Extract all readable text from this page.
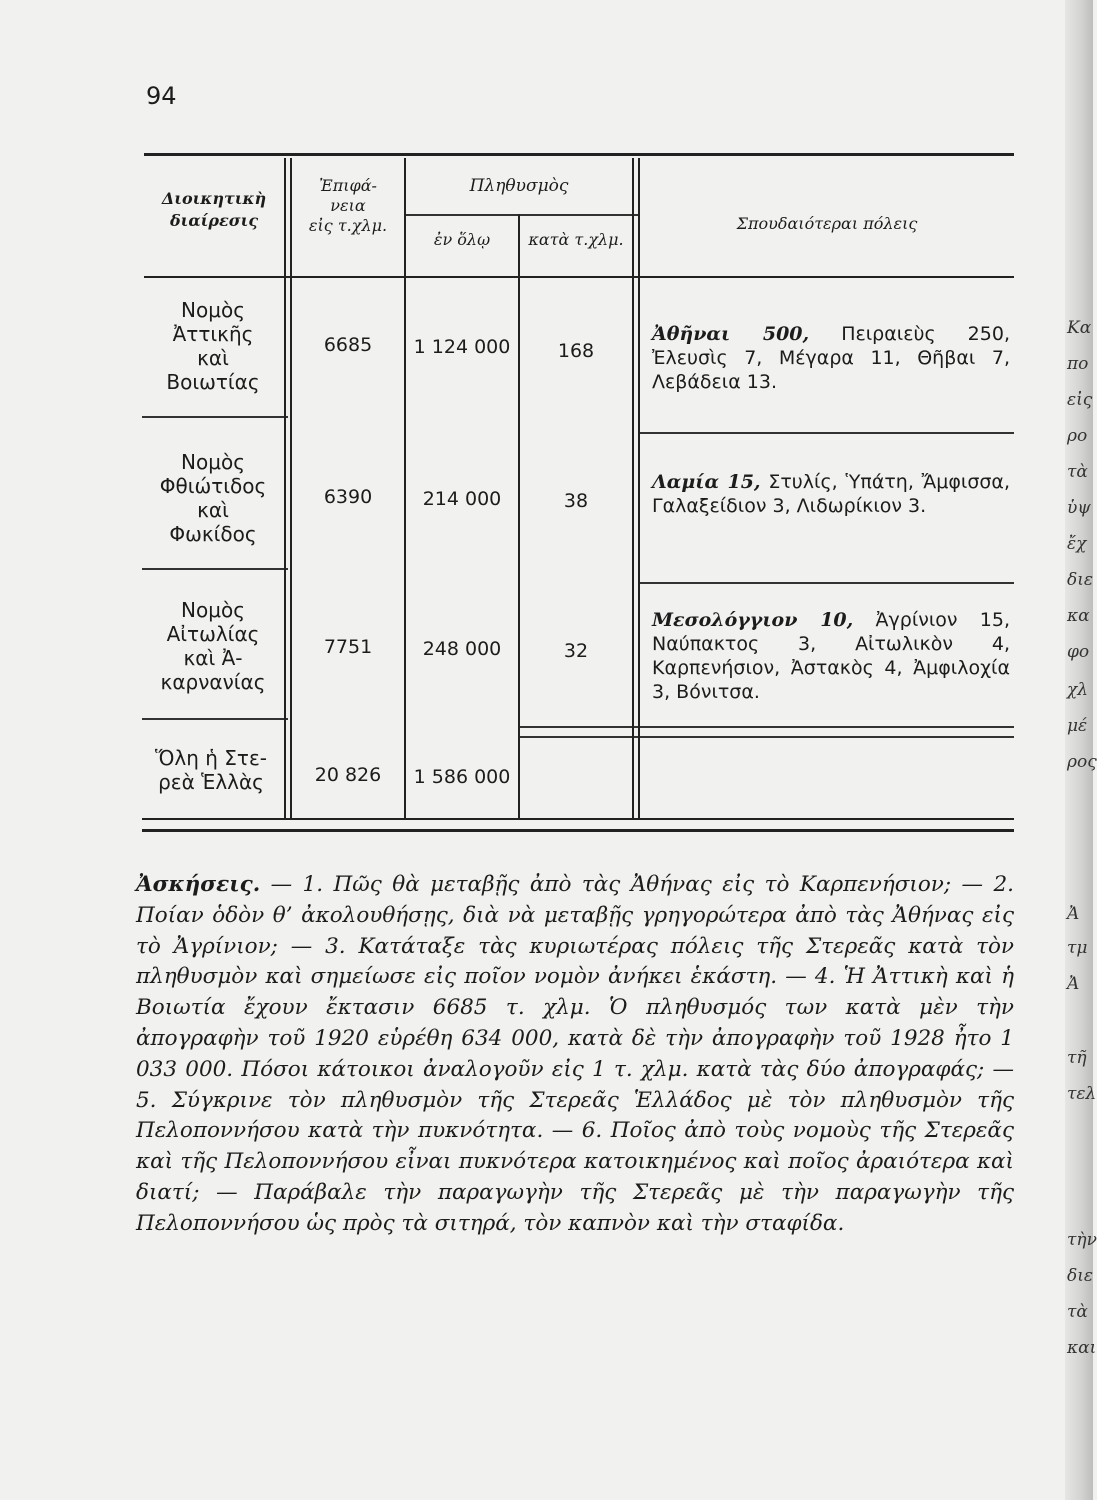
Κα
πο
εἰς
ρο
τὰ
ὑψ
ἔχ
διε
κα
φο
χλ
μέ
ρος
Ἀ
τμ
Ἀ
τῆ
τελ
τὴν
διε
τὰ
και
94
Διοικητικὴ
διαίρεσις
Ἐπιφά-
νεια
εἰς τ.χλμ.
Πληθυσμὸς
ἐν ὅλῳ	κατὰ τ.χλμ.
Σπουδαιότεραι πόλεις
Νομὸς
Ἀττικῆς
καὶ
Βοιωτίας
6685	1 124 000	168
Ἀθῆναι 500, Πειραιεὺς 250, Ἐλευσὶς 7, Μέγαρα 11, Θῆβαι 7, Λεβάδεια 13.
Νομὸς
Φθιώτιδος
καὶ
Φωκίδος
6390	214 000	38
Λαμία 15, Στυλίς, Ὑπάτη, Ἄμφισσα, Γαλαξείδιον 3, Λιδωρίκιον 3.
Νομὸς
Αἰτωλίας
καὶ Ἀ-
καρνανίας
7751	248 000	32
Μεσολόγγιον 10, Ἀγρίνιον 15, Ναύπακτος 3, Αἰτωλικὸν 4, Καρπενήσιον, Ἀστακὸς 4, Ἀμφιλοχία 3, Βόνιτσα.
Ὅλη ἡ Στε-
ρεὰ Ἑλλὰς	20 826	1 586 000
Ἀσκήσεις. — 1. Πῶς θὰ μεταβῇς ἀπὸ τὰς Ἀθήνας εἰς τὸ Καρπενήσιον; — 2. Ποίαν ὁδὸν θ’ ἀκολουθήσῃς, διὰ νὰ μεταβῇς γρηγορώτερα ἀπὸ τὰς Ἀθήνας εἰς τὸ Ἀγρίνιον; — 3. Κατάταξε τὰς κυριωτέρας πόλεις τῆς Στερεᾶς κατὰ τὸν πληθυσμὸν καὶ σημείωσε εἰς ποῖον νομὸν ἀνήκει ἑκάστη. — 4. Ἡ Ἀττικὴ καὶ ἡ Βοιωτία ἔχουν ἔκτασιν 6685 τ. χλμ. Ὁ πληθυσμός των κατὰ μὲν τὴν ἀπογραφὴν τοῦ 1920 εὑρέθη 634 000, κατὰ δὲ τὴν ἀπογραφὴν τοῦ 1928 ἦτο 1 033 000. Πόσοι κάτοικοι ἀναλογοῦν εἰς 1 τ. χλμ. κατὰ τὰς δύο ἀπογραφάς; — 5. Σύγκρινε τὸν πληθυσμὸν τῆς Στερεᾶς Ἑλλάδος μὲ τὸν πληθυσμὸν τῆς Πελοποννήσου κατὰ τὴν πυκνότητα. — 6. Ποῖος ἀπὸ τοὺς νομοὺς τῆς Στερεᾶς καὶ τῆς Πελοποννήσου εἶναι πυκνότερα κατοικημένος καὶ ποῖος ἀραιότερα καὶ διατί; — Παράβαλε τὴν παραγωγὴν τῆς Στερεᾶς μὲ τὴν παραγωγὴν τῆς Πελοποννήσου ὡς πρὸς τὰ σιτηρά, τὸν καπνὸν καὶ τὴν σταφίδα.
